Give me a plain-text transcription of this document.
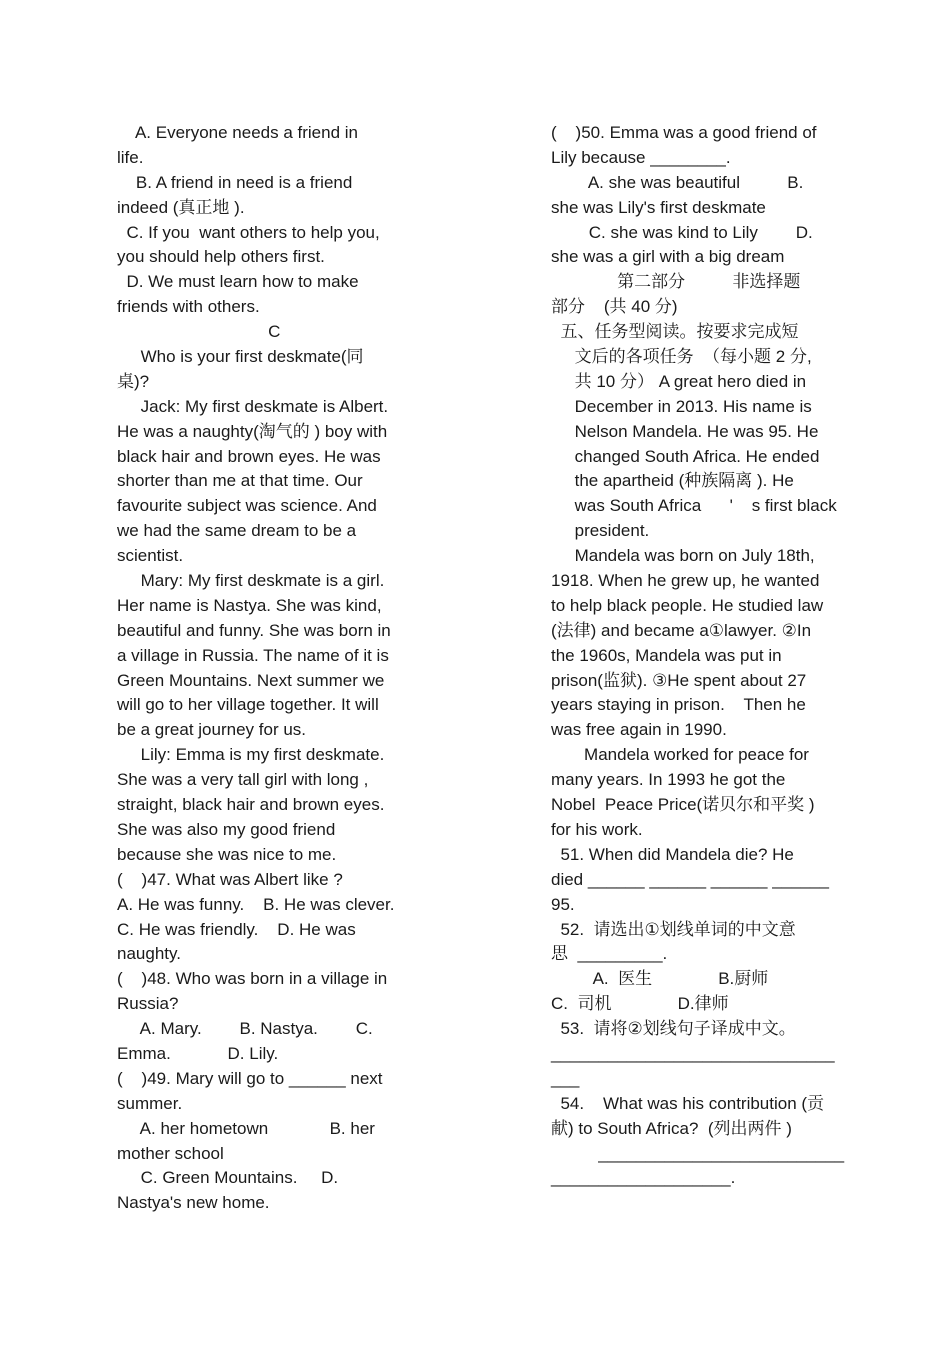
A. Everyone needs a friend in
life.
B. A friend in need is a friend
indeed (真正地 ).
C. If you  want others to help you,
you should help others first.
D. We must learn how to make
friends with others.
C
Who is your first deskmate(同
桌)?
Jack: My first deskmate is Albert.
He was a naughty(淘气的 ) boy with
black hair and brown eyes. He was
shorter than me at that time. Our
favourite subject was science. And
we had the same dream to be a
scientist.
Mary: My first deskmate is a girl.
Her name is Nastya. She was kind,
beautiful and funny. She was born in
a village in Russia. The name of it is
Green Mountains. Next summer we
will go to her village together. It will
be a great journey for us.
Lily: Emma is my first deskmate.
She was a very tall girl with long ,
straight, black hair and brown eyes.
She was also my good friend
because she was nice to me.
(    )47. What was Albert like ?
A. He was funny.    B. He was clever.
C. He was friendly.    D. He was
naughty.
(    )48. Who was born in a village in
Russia?
A. Mary.        B. Nastya.        C.
Emma.            D. Lily.
(    )49. Mary will go to ______ next
summer.
A. her hometown             B. her
mother school
C. Green Mountains.     D.
Nastya's new home.
(    )50. Emma was a good friend of
Lily because ________.
A. she was beautiful          B.
she was Lily's first deskmate
C. she was kind to Lily        D.
she was a girl with a big dream
第二部分          非选择题
部分    (共 40 分)
五、任务型阅读。按要求完成短
文后的各项任务  （每小题 2 分,
共 10 分） A great hero died in
December in 2013. His name is
Nelson Mandela. He was 95. He
changed South Africa. He ended
the apartheid (种族隔离 ). He
was South Africa      '    s first black
president.
Mandela was born on July 18th,
1918. When he grew up, he wanted
to help black people. He studied law
(法律) and became a①lawyer. ②In
the 1960s, Mandela was put in
prison(监狱). ③He spent about 27
years staying in prison.    Then he
was free again in 1990.
Mandela worked for peace for
many years. In 1993 he got the
Nobel  Peace Price(诺贝尔和平奖 )
for his work.
51. When did Mandela die? He
died ______ ______ ______ ______
95.
52.  请选出①划线单词的中文意
思  _________.
A.  医生              B.厨师
C.  司机              D.律师
53.  请将②划线句子译成中文。
______________________________
___
54.    What was his contribution (贡
献) to South Africa?  (列出两件 )
__________________________
___________________.
